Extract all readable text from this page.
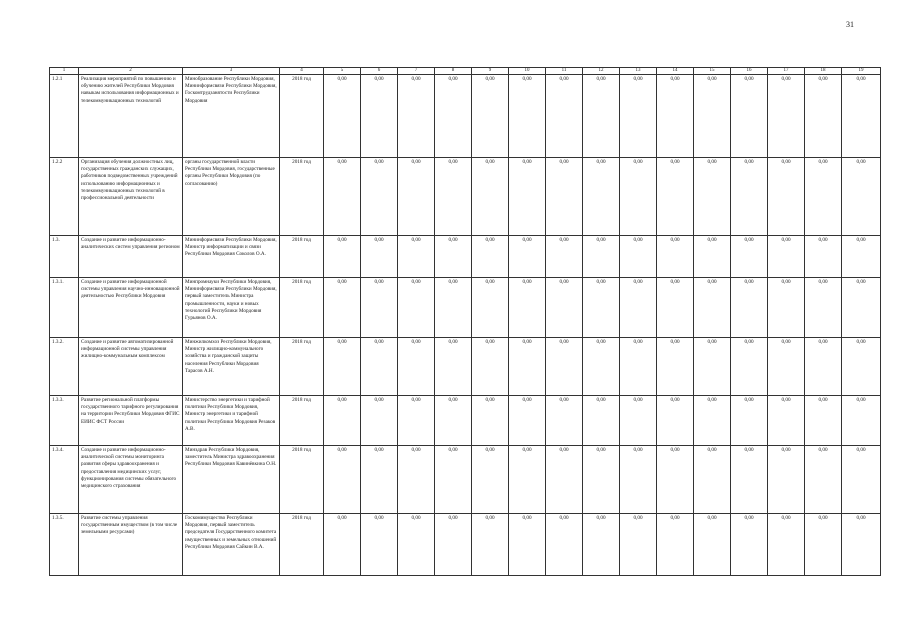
31
1	2	3	4	5	6	7	8	9	10	11	12	13	14	15	16	17	18	19
1.2.1	Реализация мероприятий по повышению и обучению жителей Республики Мордовия навыкам использования информационных и телекоммуникационных технологий	Минобразование Республики Мордовия, Мининформсвязи Республики Мордовия, Госкомтрудзанятости Республики Мордовия	2018 год	0,00	0,00	0,00	0,00	0,00	0,00	0,00	0,00	0,00	0,00	0,00	0,00	0,00	0,00	0,00
1.2.2	Организация обучения должностных лиц, государственных гражданских служащих, работников подведомственных учреждений использованию информационных и телекоммуникационных технологий в профессиональной деятельности	органы государственной власти Республики Мордовия, государственные органы Республики Мордовия (по согласованию)	2018 год	0,00	0,00	0,00	0,00	0,00	0,00	0,00	0,00	0,00	0,00	0,00	0,00	0,00	0,00	0,00
1.3.	Создание и развитие информационно-аналитических систем управления регионом	Мининформсвязи Республики Мордовия, Министр информатизации и связи Республики Мордовия Соколов О.А.	2018 год	0,00	0,00	0,00	0,00	0,00	0,00	0,00	0,00	0,00	0,00	0,00	0,00	0,00	0,00	0,00
1.3.1.	Создание и развитие информационной системы управления научно-инновационной деятельностью Республики Мордовия	Минпромнауки Республики Мордовия, Мининформсвязи Республики Мордовия, первый заместитель Министра промышленности, науки и новых технологий Республики Мордовия Гурьянов О.А.	2018 год	0,00	0,00	0,00	0,00	0,00	0,00	0,00	0,00	0,00	0,00	0,00	0,00	0,00	0,00	0,00
1.3.2.	Создание и развитие автоматизированной информационной системы управления жилищно-коммунальным комплексом	Минжилкомхоз Республики Мордовия, Министр жилищно-коммунального хозяйства и гражданской защиты населения Республики Мордовия Тарасов А.Н.	2018 год	0,00	0,00	0,00	0,00	0,00	0,00	0,00	0,00	0,00	0,00	0,00	0,00	0,00	0,00	0,00
1.3.3.	Развитие региональной платформы государственного тарифного регулирования на территории Республики Мордовия ФГИС ЕИИС ФСТ России	Министерство энергетики и тарифной политики Республики Мордовия, Министр энергетики и тарифной политики Республики Мордовия Резаков А.В.	2018 год	0,00	0,00	0,00	0,00	0,00	0,00	0,00	0,00	0,00	0,00	0,00	0,00	0,00	0,00	0,00
1.3.4.	Создание и развитие информационно-аналитической системы мониторинга развития сферы здравоохранения и предоставления медицинских услуг, функционирования системы обязательного медицинского страхования	Минздрав Республики Мордовия, заместитель Министра здравоохранения Республики Мордовия Кавинёвкина О.Н.	2018 год	0,00	0,00	0,00	0,00	0,00	0,00	0,00	0,00	0,00	0,00	0,00	0,00	0,00	0,00	0,00
1.3.5.	Развитие системы управления государственным имуществом (в том числе земельными ресурсами)	Госкомимущество Республики Мордовия, первый заместитель председателя Государственного комитета имущественных и земельных отношений Республики Мордовия Сайкин В.А.	2018 год	0,00	0,00	0,00	0,00	0,00	0,00	0,00	0,00	0,00	0,00	0,00	0,00	0,00	0,00	0,00
